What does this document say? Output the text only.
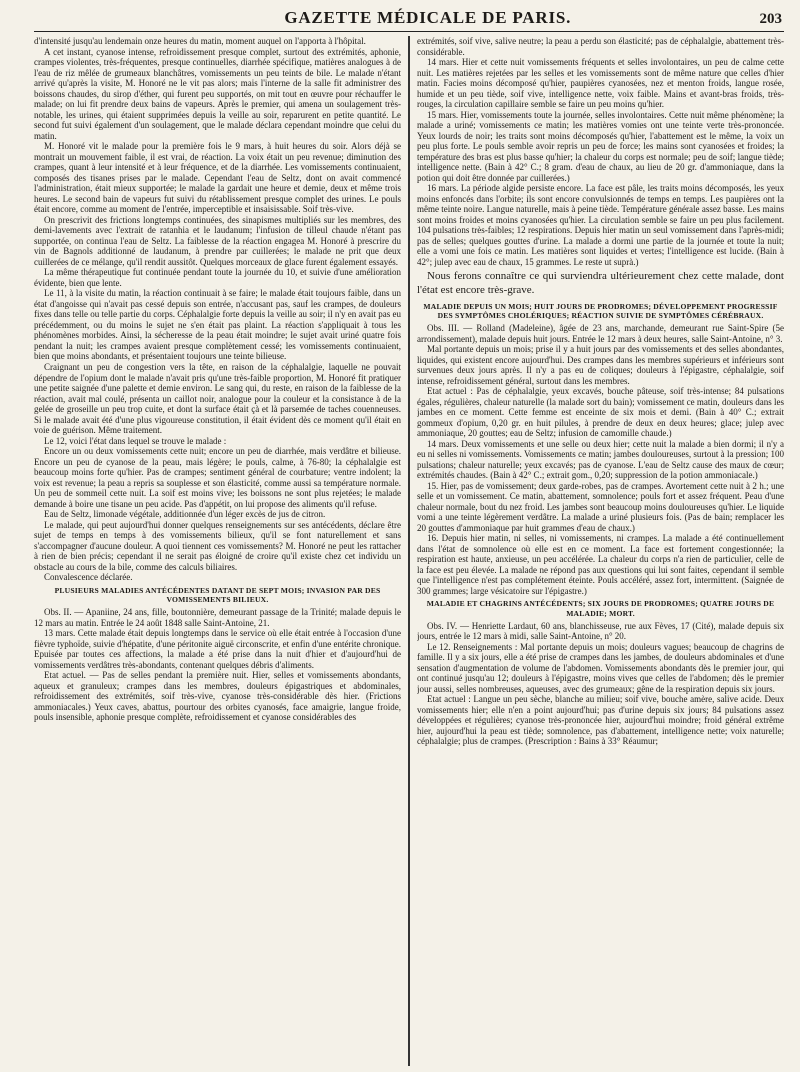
GAZETTE MÉDICALE DE PARIS.	203

d'intensité jusqu'au lendemain onze heures du matin, moment auquel on l'apporta à l'hôpital.

A cet instant, cyanose intense, refroidissement presque complet, surtout des extrémités, aphonie, crampes violentes, très-fréquentes, presque continuelles, diarrhée spécifique, matières analogues à de l'eau de riz mêlée de grumeaux blanchâtres, vomissements un peu teints de bile. Le malade n'étant arrivé qu'après la visite, M. Honoré ne le vit pas alors; mais l'interne de la salle fit administrer des boissons chaudes, du sirop d'éther, qui furent peu supportés, on mit tout en œuvre pour réchauffer le malade; on lui fit prendre deux bains de vapeurs. Après le premier, qui amena un soulagement très-notable, les urines, qui étaient supprimées depuis la veille au soir, reparurent en petite quantité. Le second fut suivi également d'un soulagement, que le malade déclara cependant moindre que celui du matin.

M. Honoré vit le malade pour la première fois le 9 mars, à huit heures du soir. Alors déjà se montrait un mouvement faible, il est vrai, de réaction. La voix était un peu revenue; diminution des crampes, quant à leur intensité et à leur fréquence, et de la diarrhée. Les vomissements continuaient, composés des tisanes prises par le malade. Cependant l'eau de Seltz, dont on avait commencé l'administration, était mieux supportée; le malade la gardait une heure et demie, deux et même trois heures. Le second bain de vapeurs fut suivi du rétablissement presque complet des urines. Le pouls était encore, comme au moment de l'entrée, imperceptible et insaisissable. Soif très-vive.

On prescrivit des frictions longtemps continuées, des sinapismes multipliés sur les membres, des demi-lavements avec l'extrait de ratanhia et le laudanum; l'infusion de tilleul chaude n'étant pas supportée, on continua l'eau de Seltz. La faiblesse de la réaction engagea M. Honoré à prescrire du vin de Bagnols additionné de laudanum, à prendre par cuillerées; le malade ne prit que deux cuillerées de ce mélange, qu'il rendit aussitôt. Quelques morceaux de glace furent également essayés.

La même thérapeutique fut continuée pendant toute la journée du 10, et suivie d'une amélioration évidente, bien que lente.

Le 11, à la visite du matin, la réaction continuait à se faire; le malade était toujours faible, dans un état d'angoisse qui n'avait pas cessé depuis son entrée, n'accusant pas, sauf les crampes, de douleurs fixes dans telle ou telle partie du corps. Céphalalgie forte depuis la veille au soir; il n'y en avait pas eu précédemment, ou du moins le sujet ne s'en était pas plaint. La réaction s'appliquait à tous les phénomènes morbides. Ainsi, la sécheresse de la peau était moindre; le sujet avait uriné quatre fois pendant la nuit; les crampes avaient presque complètement cessé; les vomissements continuaient, bien que moins abondants, et présentaient toujours une teinte bilieuse.

Craignant un peu de congestion vers la tête, en raison de la céphalalgie, laquelle ne pouvait dépendre de l'opium dont le malade n'avait pris qu'une très-faible proportion, M. Honoré fit pratiquer une petite saignée d'une palette et demie environ. Le sang qui, du reste, en raison de la faiblesse de la réaction, avait mal coulé, présenta un caillot noir, analogue pour la couleur et la consistance à de la gelée de groseille un peu trop cuite, et dont la surface était çà et là parsemée de taches couenneuses. Si le malade avait été d'une plus vigoureuse constitution, il était évident dès ce moment qu'il était en voie de guérison. Même traitement.

Le 12, voici l'état dans lequel se trouve le malade :

Encore un ou deux vomissements cette nuit; encore un peu de diarrhée, mais verdâtre et bilieuse. Encore un peu de cyanose de la peau, mais légère; le pouls, calme, à 76-80; la céphalalgie est beaucoup moins forte qu'hier. Pas de crampes; sentiment général de courbature; ventre indolent; la voix est revenue; la peau a repris sa souplesse et son élasticité, comme aussi sa température normale. Un peu de sommeil cette nuit. La soif est moins vive; les boissons ne sont plus rejetées; le malade demande à boire une tisane un peu acide. Pas d'appétit, on lui propose des aliments qu'il refuse.

Eau de Seltz, limonade végétale, additionnée d'un léger excès de jus de citron.

Le malade, qui peut aujourd'hui donner quelques renseignements sur ses antécédents, déclare être sujet de temps en temps à des vomissements bilieux, qu'il se font naturellement et sans s'accompagner d'aucune douleur. A quoi tiennent ces vomissements? M. Honoré ne peut les rattacher à rien de bien précis; cependant il ne serait pas éloigné de croire qu'il existe chez cet individu un obstacle au cours de la bile, comme des calculs biliaires.

Convalescence déclarée.

PLUSIEURS MALADIES ANTÉCÉDENTES DATANT DE SEPT MOIS; INVASION PAR DES VOMISSEMENTS BILIEUX.

Obs. II. — Apaniine, 24 ans, fille, boutonnière, demeurant passage de la Trinité; malade depuis le 12 mars au matin. Entrée le 24 août 1848 salle Saint-Antoine, 21.

13 mars. Cette malade était depuis longtemps dans le service où elle était entrée à l'occasion d'une fièvre typhoïde, suivie d'hépatite, d'une péritonite aiguë circonscrite, et enfin d'une entérite chronique. Epuisée par toutes ces affections, la malade a été prise dans la nuit d'hier et d'aujourd'hui de vomissements verdâtres très-abondants, contenant quelques débris d'aliments.

Etat actuel. — Pas de selles pendant la première nuit. Hier, selles et vomissements abondants, aqueux et granuleux; crampes dans les membres, douleurs épigastriques et abdominales, refroidissement des extrémités, soif très-vive, cyanose très-considérable dès hier. (Frictions ammoniacales.) Yeux caves, abattus, pourtour des orbites cyanosés, face amaigrie, langue froide, pouls insensible, aphonie presque complète, refroidissement et cyanose considérables des

extrémités, soif vive, salive neutre; la peau a perdu son élasticité; pas de céphalalgie, abattement très-considérable.

14 mars. Hier et cette nuit vomissements fréquents et selles involontaires, un peu de calme cette nuit. Les matières rejetées par les selles et les vomissements sont de même nature que celles d'hier matin. Facies moins décomposé qu'hier, paupières cyanosées, nez et menton froids, langue rosée, humide et un peu tiède, soif vive, intelligence nette, voix faible. Mains et avant-bras froids, très-rouges, la circulation capillaire semble se faire un peu moins qu'hier.

15 mars. Hier, vomissements toute la journée, selles involontaires. Cette nuit même phénomène; la malade a uriné; vomissements ce matin; les matières vomies ont une teinte verte très-prononcée. Yeux lourds de noir; les traits sont moins décomposés qu'hier, l'abattement est le même, la voix un peu plus forte. Le pouls semble avoir repris un peu de force; les mains sont cyanosées et froides; la température des bras est plus basse qu'hier; la chaleur du corps est normale; peu de soif; langue tiède; intelligence nette. (Bain à 42° C.; 8 gram. d'eau de chaux, au lieu de 20 gr. d'ammoniaque, dans la potion qui doit être donnée par cuillerées.)

16 mars. La période algide persiste encore. La face est pâle, les traits moins décomposés, les yeux moins enfoncés dans l'orbite; ils sont encore convulsionnés de temps en temps. Les paupières ont la même teinte noire. Langue naturelle, mais à peine tiède. Température générale assez basse. Les mains sont moins froides et moins cyanosées qu'hier. La circulation semble se faire un peu plus facilement. 104 pulsations très-faibles; 12 respirations. Depuis hier matin un seul vomissement dans l'après-midi; pas de selles; quelques gouttes d'urine. La malade a dormi une partie de la journée et toute la nuit; elle a vomi une fois ce matin. Les matières sont liquides et vertes; l'intelligence est lucide. (Bain à 42°; julep avec eau de chaux, 15 grammes. Le reste ut suprà.)

Nous ferons connaître ce qui surviendra ultérieurement chez cette malade, dont l'état est encore très-grave.

MALADIE DEPUIS UN MOIS; HUIT JOURS DE PRODROMES; DÉVELOPPEMENT PROGRESSIF DES SYMPTÔMES CHOLÉRIQUES; RÉACTION SUIVIE DE SYMPTÔMES CÉRÉBRAUX.

Obs. III. — Rolland (Madeleine), âgée de 23 ans, marchande, demeurant rue Saint-Spire (5e arrondissement), malade depuis huit jours. Entrée le 12 mars à deux heures, salle Saint-Antoine, n° 3.

Mal portante depuis un mois; prise il y a huit jours par des vomissements et des selles abondantes, liquides, qui existent encore aujourd'hui. Des crampes dans les membres supérieurs et inférieurs sont survenues deux jours après. Il n'y a pas eu de coliques; douleurs à l'épigastre, céphalalgie, soif intense, refroidissement général, surtout dans les membres.

Etat actuel : Pas de céphalalgie, yeux excavés, bouche pâteuse, soif très-intense; 84 pulsations égales, régulières, chaleur naturelle (la malade sort du bain); vomissement ce matin, douleurs dans les jambes en ce moment. Cette femme est enceinte de six mois et demi. (Bain à 40° C.; extrait gommeux d'opium, 0,20 gr. en huit pilules, à prendre de deux en deux heures; glace; julep avec ammoniaque, 20 gouttes; eau de Seltz; infusion de camomille chaude.)

14 mars. Deux vomissements et une selle ou deux hier; cette nuit la malade a bien dormi; il n'y a eu ni selles ni vomissements. Vomissements ce matin; jambes douloureuses, surtout à la pression; 100 pulsations; chaleur naturelle; yeux excavés; pas de cyanose. L'eau de Seltz cause des maux de cœur; extrémités chaudes. (Bain à 42° C.; extrait gom., 0,20; suppression de la potion ammoniacale.)

15. Hier, pas de vomissement; deux garde-robes, pas de crampes. Avortement cette nuit à 2 h.; une selle et un vomissement. Ce matin, abattement, somnolence; pouls fort et assez fréquent. Peau d'une chaleur normale, bout du nez froid. Les jambes sont beaucoup moins douloureuses qu'hier. Le liquide vomi a une teinte légèrement verdâtre. La malade a uriné plusieurs fois. (Pas de bain; remplacer les 20 gouttes d'ammoniaque par huit grammes d'eau de chaux.)

16. Depuis hier matin, ni selles, ni vomissements, ni crampes. La malade a été continuellement dans l'état de somnolence où elle est en ce moment. La face est fortement congestionnée; la respiration est haute, anxieuse, un peu accélérée. La chaleur du corps n'a rien de particulier, celle de la face est peu élevée. La malade ne répond pas aux questions qui lui sont faites, cependant il semble que l'intelligence n'est pas complétement éteinte. Pouls accéléré, assez fort, intermittent. (Saignée de 300 grammes; large vésicatoire sur l'épigastre.)

MALADIE ET CHAGRINS ANTÉCÉDENTS; SIX JOURS DE PRODROMES; QUATRE JOURS DE MALADIE; MORT.

Obs. IV. — Henriette Lardaut, 60 ans, blanchisseuse, rue aux Fèves, 17 (Cité), malade depuis six jours, entrée le 12 mars à midi, salle Saint-Antoine, n° 20.

Le 12. Renseignements : Mal portante depuis un mois; douleurs vagues; beaucoup de chagrins de famille. Il y a six jours, elle a été prise de crampes dans les jambes, de douleurs abdominales et d'une sensation d'augmentation de volume de l'abdomen. Vomissements abondants dès le premier jour, qui ont continué jusqu'au 12; douleurs à l'épigastre, moins vives que celles de l'abdomen; dès le premier jour aussi, selles nombreuses, aqueuses, avec des grumeaux; gêne de la respiration depuis six jours.

Etat actuel : Langue un peu sèche, blanche au milieu; soif vive, bouche amère, salive acide. Deux vomissements hier; elle n'en a point aujourd'hui; pas d'urine depuis six jours; 84 pulsations assez développées et régulières; cyanose très-prononcée hier, aujourd'hui moindre; froid général extrême hier, aujourd'hui la peau est tiède; somnolence, pas d'abattement, intelligence nette; voix naturelle; céphalalgie; plus de crampes. (Prescription : Bains à 33° Réaumur;
